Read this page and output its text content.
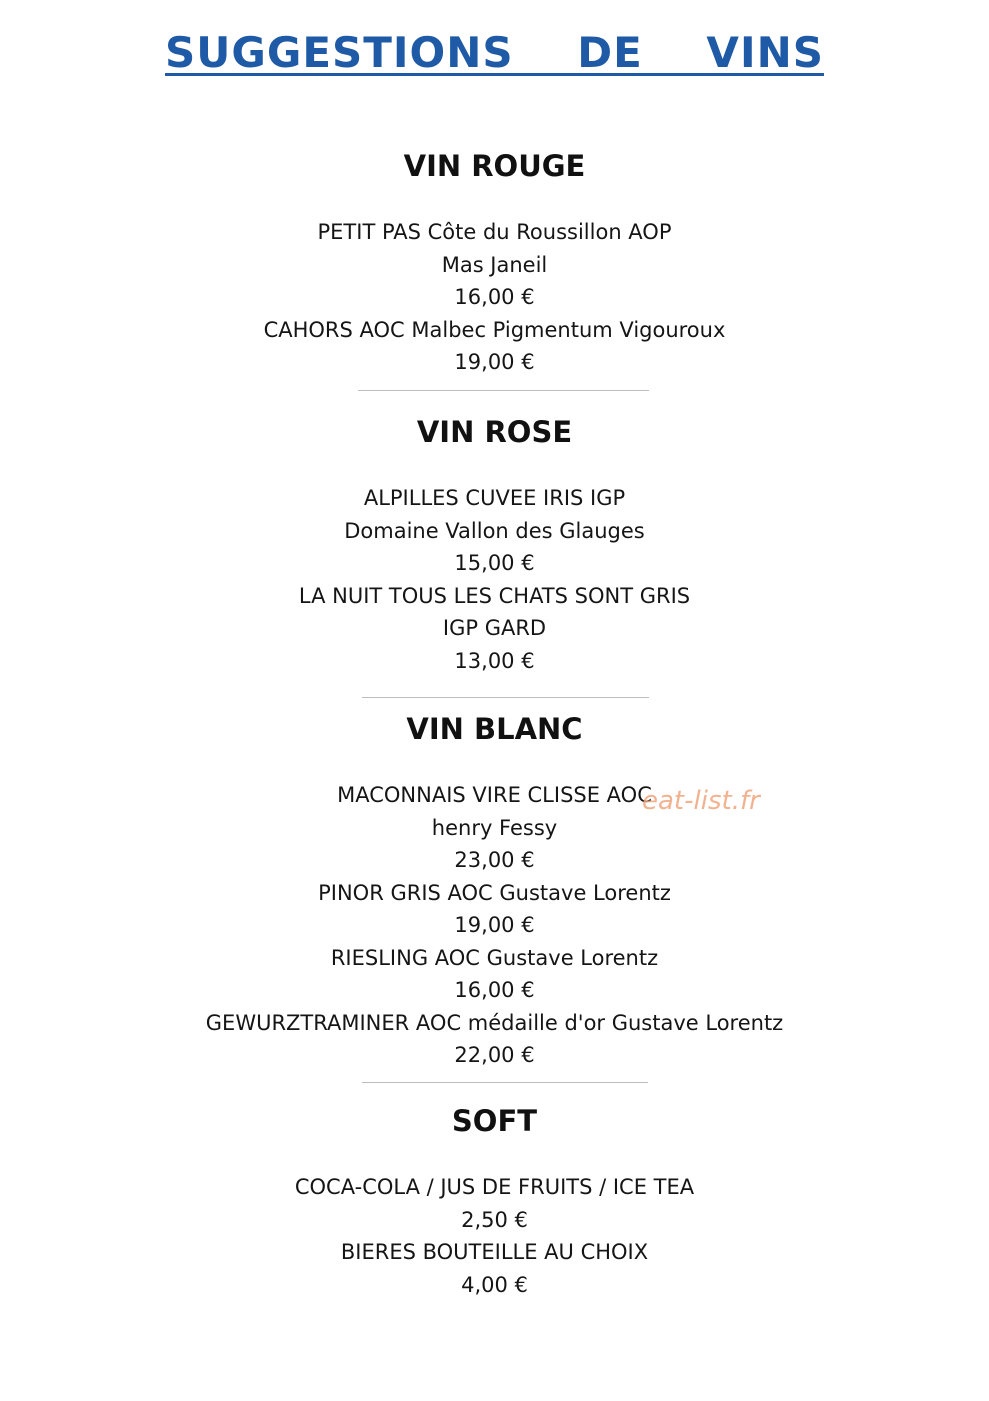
SUGGESTIONS DE VINS
VIN ROUGE
PETIT PAS Côte du Roussillon AOP
Mas Janeil
16,00 €
CAHORS AOC Malbec Pigmentum Vigouroux
19,00 €
VIN ROSE
ALPILLES CUVEE IRIS IGP
Domaine Vallon des Glauges
15,00 €
LA NUIT TOUS LES CHATS SONT GRIS
IGP GARD
13,00 €
VIN BLANC
MACONNAIS VIRE CLISSE AOC
henry Fessy
23,00 €
PINOR GRIS AOC Gustave Lorentz
19,00 €
RIESLING AOC Gustave Lorentz
16,00 €
GEWURZTRAMINER AOC médaille d'or Gustave Lorentz
22,00 €
SOFT
COCA-COLA / JUS DE FRUITS / ICE TEA
2,50 €
BIERES BOUTEILLE AU CHOIX
4,00 €
eat-list.fr
